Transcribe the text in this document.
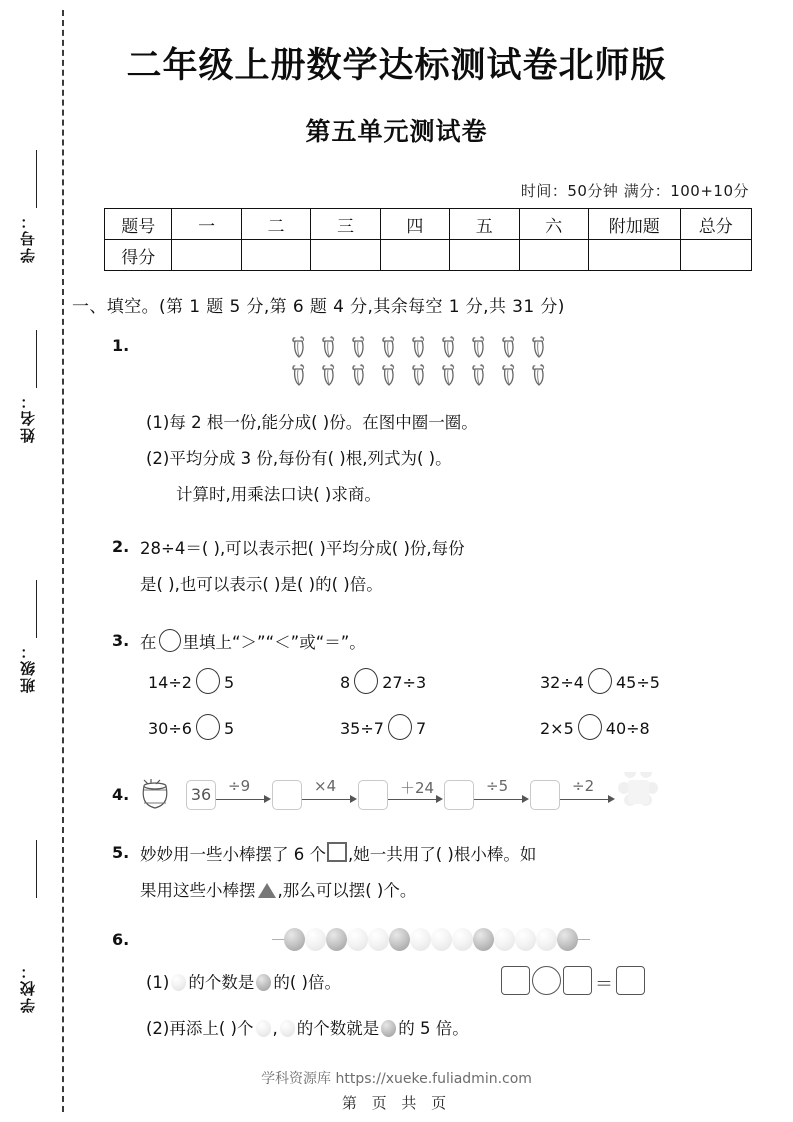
学号：
姓名：
班级：
学校：
二年级上册数学达标测试卷北师版
第五单元测试卷
时间：50分钟 满分：100+10分
题号	一	二	三	四	五	六	附加题	总分
得分								
一、填空。(第 1 题 5 分,第 6 题 4 分,其余每空 1 分,共 31 分)
1.
(1)每 2 根一份,能分成( )份。在图中圈一圈。
(2)平均分成 3 份,每份有( )根,列式为( )。
计算时,用乘法口诀( )求商。
2. 28÷4＝( ),可以表示把( )平均分成( )份,每份
是( ),也可以表示( )是( )的( )倍。
3. 在 里填上“＞”“＜”或“＝”。
14÷2 5	8 27÷3	32÷4 45÷5
30÷6 5	35÷7 7	2×5 40÷8
4.	36	÷9	×4	＋24	÷5	÷2
5. 妙妙用一些小棒摆了 6 个 ,她一共用了( )根小棒。如
果用这些小棒摆 ,那么可以摆( )个。
6.
(1) 的个数是 的( )倍。	＝
(2)再添上( )个 , 的个数就是 的 5 倍。
学科资源库 https://xueke.fuliadmin.com
第 页 共 页
